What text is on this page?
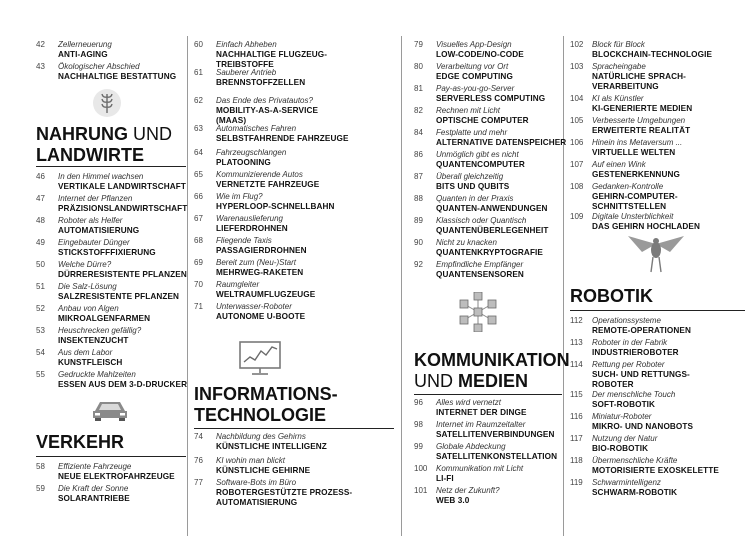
42	Zellerneuerung
ANTI-AGING
43	Ökologischer Abschied
NACHHALTIGE BESTATTUNG
NAHRUNG UND
LANDWIRTE
46	In den Himmel wachsen
VERTIKALE LANDWIRTSCHAFT
47	Internet der Pflanzen
PRÄZISIONSLANDWIRTSCHAFT
48	Roboter als Helfer
AUTOMATISIERUNG
49	Eingebauter Dünger
STICKSTOFFFIXIERUNG
50	Welche Dürre?
DÜRRERESISTENTE PFLANZEN
51	Die Salz-Lösung
SALZRESISTENTE PFLANZEN
52	Anbau von Algen
MIKROALGENFARMEN
53	Heuschrecken gefällig?
INSEKTENZUCHT
54	Aus dem Labor
KUNSTFLEISCH
55	Gedruckte Mahlzeiten
ESSEN AUS DEM 3-D-DRUCKER
VERKEHR
58	Effiziente Fahrzeuge
NEUE ELEKTROFAHRZEUGE
59	Die Kraft der Sonne
SOLARANTRIEBE
60	Einfach Abheben
NACHHALTIGE FLUGZEUG-
TREIBSTOFFE
61	Sauberer Antrieb
BRENNSTOFFZELLEN
62	Das Ende des Privatautos?
MOBILITY-AS-A-SERVICE
(MAAS)
63	Automatisches Fahren
SELBSTFAHRENDE FAHRZEUGE
64	Fahrzeugschlangen
PLATOONING
65	Kommunizierende Autos
VERNETZTE FAHRZEUGE
66	Wie im Flug?
HYPERLOOP-SCHNELLBAHN
67	Warenauslieferung
LIEFERDROHNEN
68	Fliegende Taxis
PASSAGIERDROHNEN
69	Bereit zum (Neu-)Start
MEHRWEG-RAKETEN
70	Raumgleiter
WELTRAUMFLUGZEUGE
71	Unterwasser-Roboter
AUTONOME U-BOOTE
INFORMATIONS-
TECHNOLOGIE
74	Nachbildung des Gehirns
KÜNSTLICHE INTELLIGENZ
76	KI wohin man blickt
KÜNSTLICHE GEHIRNE
77	Software-Bots im Büro
ROBOTERGESTÜTZTE PROZESS-
AUTOMATISIERUNG
79	Visuelles App-Design
LOW-CODE/NO-CODE
80	Verarbeitung vor Ort
EDGE COMPUTING
81	Pay-as-you-go-Server
SERVERLESS COMPUTING
82	Rechnen mit Licht
OPTISCHE COMPUTER
84	Festplatte und mehr
ALTERNATIVE DATENSPEICHER
86	Unmöglich gibt es nicht
QUANTENCOMPUTER
87	Überall gleichzeitig
BITS UND QUBITS
88	Quanten in der Praxis
QUANTEN-ANWENDUNGEN
89	Klassisch oder Quantisch
QUANTENÜBERLEGENHEIT
90	Nicht zu knacken
QUANTENKRYPTOGRAFIE
92	Empfindliche Empfänger
QUANTENSENSOREN
KOMMUNIKATION
UND MEDIEN
96	Alles wird vernetzt
INTERNET DER DINGE
98	Internet im Raumzeitalter
SATELLITENVERBINDUNGEN
99	Globale Abdeckung
SATELLITENKONSTELLATION
100	Kommunikation mit Licht
LI-FI
101	Netz der Zukunft?
WEB 3.0
102	Block für Block
BLOCKCHAIN-TECHNOLOGIE
103	Spracheingabe
NATÜRLICHE SPRACH-
VERARBEITUNG
104	KI als Künstler
KI-GENERIERTE MEDIEN
105	Verbesserte Umgebungen
ERWEITERTE REALITÄT
106	Hinein ins Metaversum ...
VIRTUELLE WELTEN
107	Auf einen Wink
GESTENERKENNUNG
108	Gedanken-Kontrolle
GEHIRN-COMPUTER-
SCHNITTSTELLEN
109	Digitale Unsterblichkeit
DAS GEHIRN HOCHLADEN
ROBOTIK
112	Operationssysteme
REMOTE-OPERATIONEN
113	Roboter in der Fabrik
INDUSTRIEROBOTER
114	Rettung per Roboter
SUCH- UND RETTUNGS-
ROBOTER
115	Der menschliche Touch
SOFT-ROBOTIK
116	Miniatur-Roboter
MIKRO- UND NANOBOTS
117	Nutzung der Natur
BIO-ROBOTIK
118	Übermenschliche Kräfte
MOTORISIERTE EXOSKELETTE
119	Schwarmintelligenz
SCHWARM-ROBOTIK
